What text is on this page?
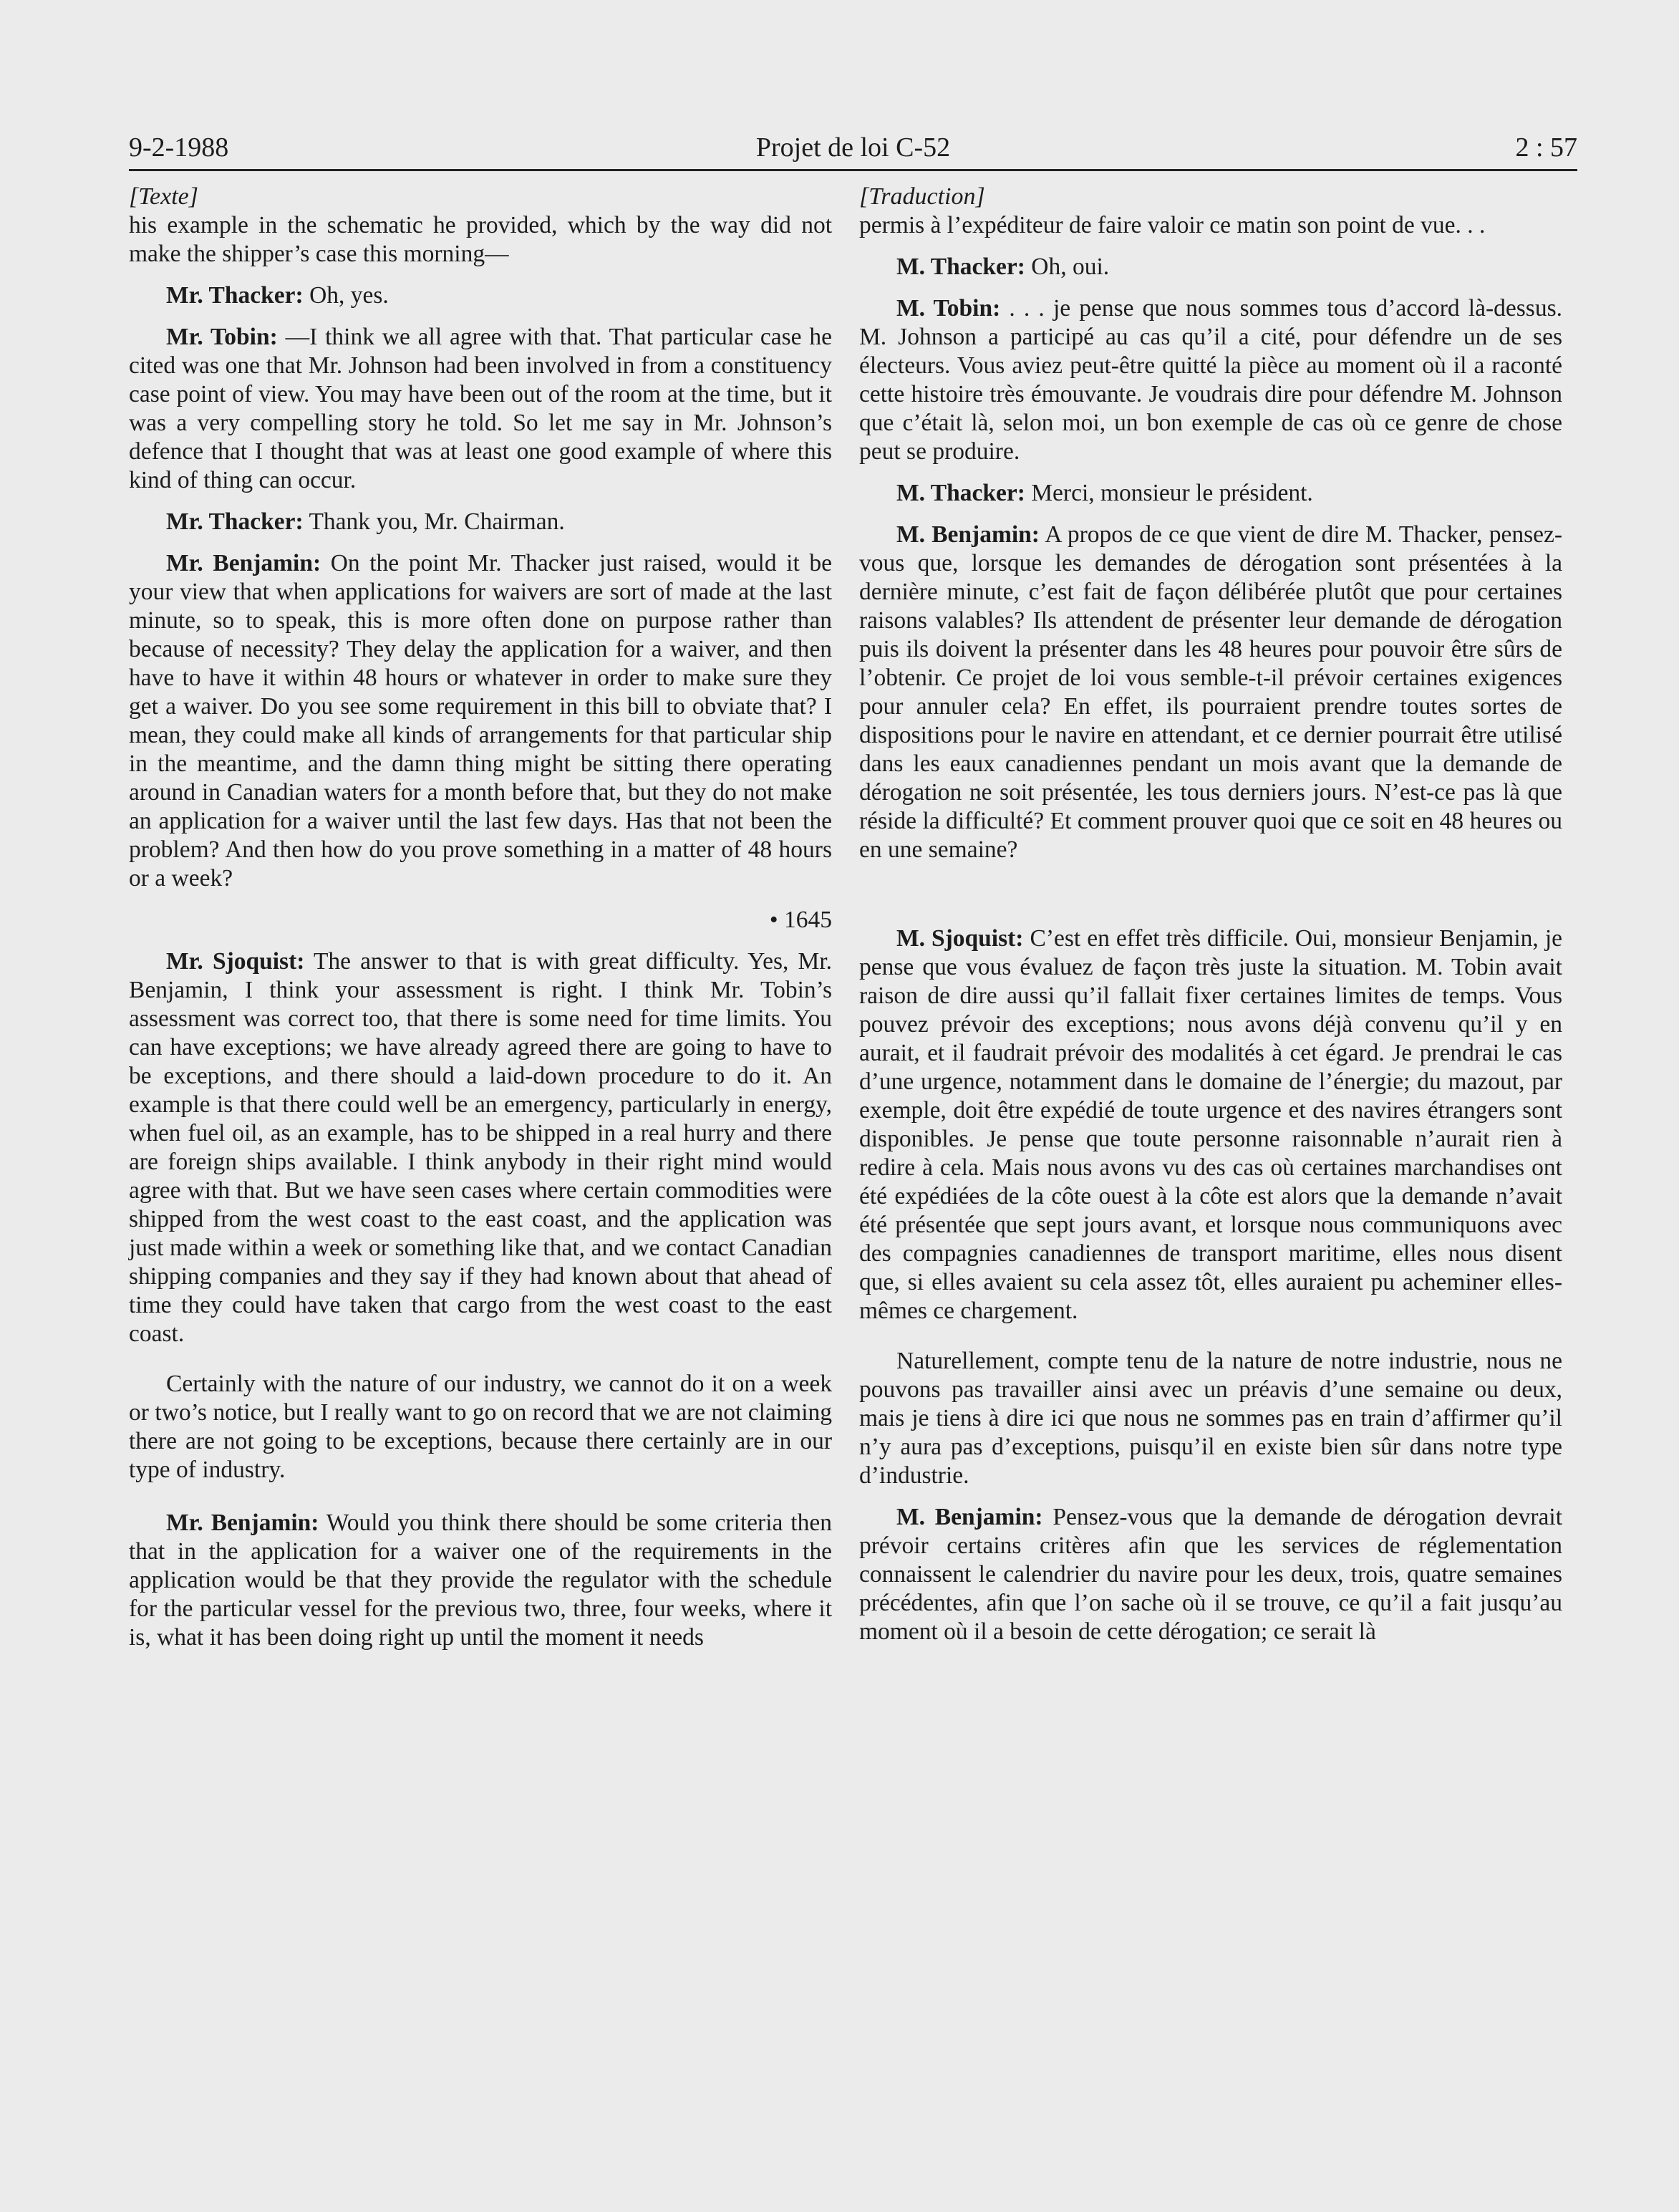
9-2-1988	Projet de loi C-52	2 : 57
[Texte]

his example in the schematic he provided, which by the way did not make the shipper’s case this morning—

Mr. Thacker: Oh, yes.

Mr. Tobin: —I think we all agree with that. That particular case he cited was one that Mr. Johnson had been involved in from a constituency case point of view. You may have been out of the room at the time, but it was a very compelling story he told. So let me say in Mr. Johnson’s defence that I thought that was at least one good example of where this kind of thing can occur.

Mr. Thacker: Thank you, Mr. Chairman.

Mr. Benjamin: On the point Mr. Thacker just raised, would it be your view that when applications for waivers are sort of made at the last minute, so to speak, this is more often done on purpose rather than because of necessity? They delay the application for a waiver, and then have to have it within 48 hours or whatever in order to make sure they get a waiver. Do you see some requirement in this bill to obviate that? I mean, they could make all kinds of arrangements for that particular ship in the meantime, and the damn thing might be sitting there operating around in Canadian waters for a month before that, but they do not make an application for a waiver until the last few days. Has that not been the problem? And then how do you prove something in a matter of 48 hours or a week?

• 1645

Mr. Sjoquist: The answer to that is with great difficulty. Yes, Mr. Benjamin, I think your assessment is right. I think Mr. Tobin’s assessment was correct too, that there is some need for time limits. You can have exceptions; we have already agreed there are going to have to be exceptions, and there should a laid-down procedure to do it. An example is that there could well be an emergency, particularly in energy, when fuel oil, as an example, has to be shipped in a real hurry and there are foreign ships available. I think anybody in their right mind would agree with that. But we have seen cases where certain commodities were shipped from the west coast to the east coast, and the application was just made within a week or something like that, and we contact Canadian shipping companies and they say if they had known about that ahead of time they could have taken that cargo from the west coast to the east coast.

Certainly with the nature of our industry, we cannot do it on a week or two’s notice, but I really want to go on record that we are not claiming there are not going to be exceptions, because there certainly are in our type of industry.

Mr. Benjamin: Would you think there should be some criteria then that in the application for a waiver one of the requirements in the application would be that they provide the regulator with the schedule for the particular vessel for the previous two, three, four weeks, where it is, what it has been doing right up until the moment it needs

[Traduction]

permis à l’expéditeur de faire valoir ce matin son point de vue. . .

M. Thacker: Oh, oui.

M. Tobin: . . . je pense que nous sommes tous d’accord là-dessus. M. Johnson a participé au cas qu’il a cité, pour défendre un de ses électeurs. Vous aviez peut-être quitté la pièce au moment où il a raconté cette histoire très émouvante. Je voudrais dire pour défendre M. Johnson que c’était là, selon moi, un bon exemple de cas où ce genre de chose peut se produire.

M. Thacker: Merci, monsieur le président.

M. Benjamin: A propos de ce que vient de dire M. Thacker, pensez-vous que, lorsque les demandes de dérogation sont présentées à la dernière minute, c’est fait de façon délibérée plutôt que pour certaines raisons valables? Ils attendent de présenter leur demande de dérogation puis ils doivent la présenter dans les 48 heures pour pouvoir être sûrs de l’obtenir. Ce projet de loi vous semble-t-il prévoir certaines exigences pour annuler cela? En effet, ils pourraient prendre toutes sortes de dispositions pour le navire en attendant, et ce dernier pourrait être utilisé dans les eaux canadiennes pendant un mois avant que la demande de dérogation ne soit présentée, les tous derniers jours. N’est-ce pas là que réside la difficulté? Et comment prouver quoi que ce soit en 48 heures ou en une semaine?

M. Sjoquist: C’est en effet très difficile. Oui, monsieur Benjamin, je pense que vous évaluez de façon très juste la situation. M. Tobin avait raison de dire aussi qu’il fallait fixer certaines limites de temps. Vous pouvez prévoir des exceptions; nous avons déjà convenu qu’il y en aurait, et il faudrait prévoir des modalités à cet égard. Je prendrai le cas d’une urgence, notamment dans le domaine de l’énergie; du mazout, par exemple, doit être expédié de toute urgence et des navires étrangers sont disponibles. Je pense que toute personne raisonnable n’aurait rien à redire à cela. Mais nous avons vu des cas où certaines marchandises ont été expédiées de la côte ouest à la côte est alors que la demande n’avait été présentée que sept jours avant, et lorsque nous communiquons avec des compagnies canadiennes de transport maritime, elles nous disent que, si elles avaient su cela assez tôt, elles auraient pu acheminer elles-mêmes ce chargement.

Naturellement, compte tenu de la nature de notre industrie, nous ne pouvons pas travailler ainsi avec un préavis d’une semaine ou deux, mais je tiens à dire ici que nous ne sommes pas en train d’affirmer qu’il n’y aura pas d’exceptions, puisqu’il en existe bien sûr dans notre type d’industrie.

M. Benjamin: Pensez-vous que la demande de dérogation devrait prévoir certains critères afin que les services de réglementation connaissent le calendrier du navire pour les deux, trois, quatre semaines précédentes, afin que l’on sache où il se trouve, ce qu’il a fait jusqu’au moment où il a besoin de cette dérogation; ce serait là
